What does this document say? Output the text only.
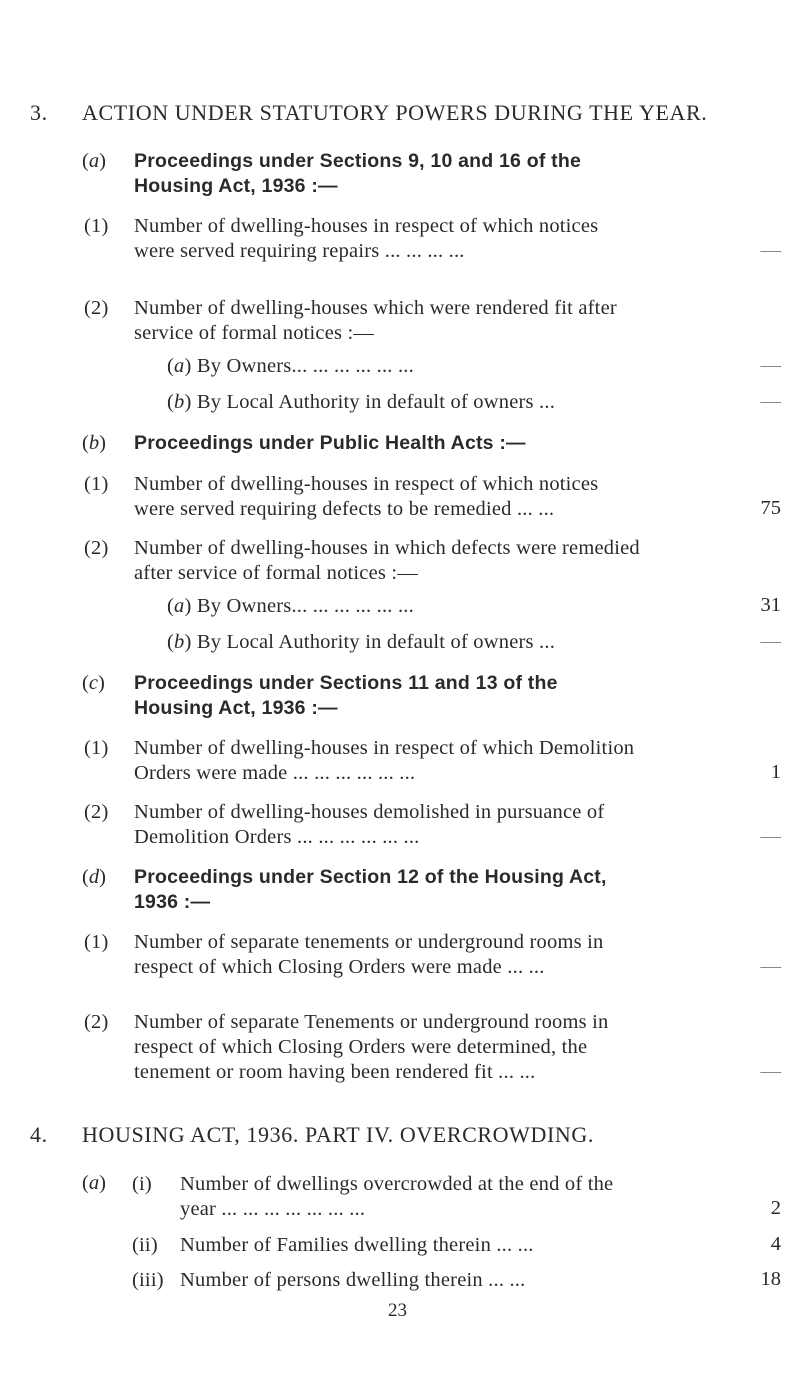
3. ACTION UNDER STATUTORY POWERS DURING THE YEAR.
(a) Proceedings under Sections 9, 10 and 16 of the
Housing Act, 1936 :—
(1) Number of dwelling-houses in respect of which notices
were served requiring repairs ... ... ... ...	—
(2) Number of dwelling-houses which were rendered fit after
service of formal notices :—
(a) By Owners... ... ... ... ... ...	—
(b) By Local Authority in default of owners ...	—
(b) Proceedings under Public Health Acts :—
(1) Number of dwelling-houses in respect of which notices
were served requiring defects to be remedied ... ...	75
(2) Number of dwelling-houses in which defects were remedied
after service of formal notices :—
(a) By Owners... ... ... ... ... ...	31
(b) By Local Authority in default of owners ...	—
(c) Proceedings under Sections 11 and 13 of the
Housing Act, 1936 :—
(1) Number of dwelling-houses in respect of which Demolition
Orders were made ... ... ... ... ... ...	1
(2) Number of dwelling-houses demolished in pursuance of
Demolition Orders ... ... ... ... ... ...	—
(d) Proceedings under Section 12 of the Housing Act,
1936 :—
(1) Number of separate tenements or underground rooms in
respect of which Closing Orders were made ... ...	—
(2) Number of separate Tenements or underground rooms in
respect of which Closing Orders were determined, the
tenement or room having been rendered fit ... ...	—
4. HOUSING ACT, 1936. PART IV. OVERCROWDING.
(a) (i) Number of dwellings overcrowded at the end of the
year ... ... ... ... ... ... ...	2
(ii) Number of Families dwelling therein ... ...	4
(iii) Number of persons dwelling therein ... ...	18
23
